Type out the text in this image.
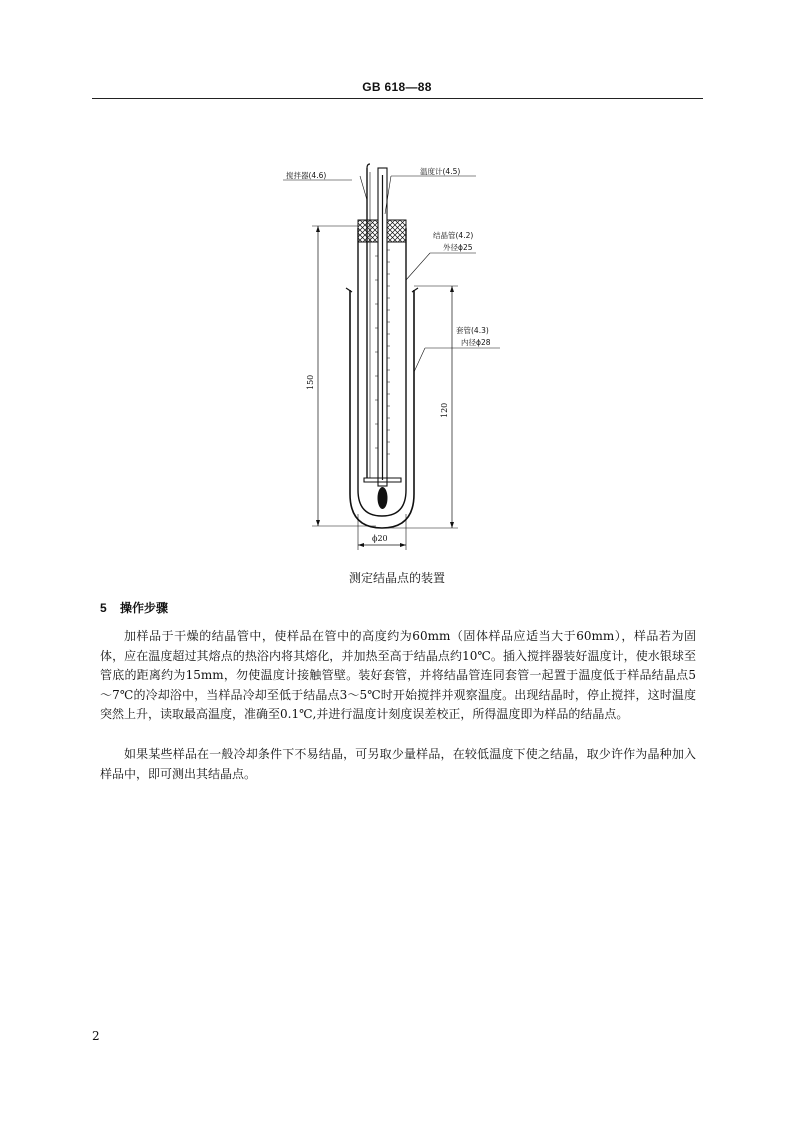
GB 618—88
搅拌器(4.6)	温度计(4.5)
结晶管(4.2)
外径ϕ25
套管(4.3)
内径ϕ28
150
120
ϕ20
测定结晶点的装置
5 操作步骤

加样品于干燥的结晶管中，使样品在管中的高度约为60mm（固体样品应适当大于60mm），样品若为固体，应在温度超过其熔点的热浴内将其熔化，并加热至高于结晶点约10℃。插入搅拌器装好温度计，使水银球至管底的距离约为15mm，勿使温度计接触管壁。装好套管，并将结晶管连同套管一起置于温度低于样品结晶点5～7℃的冷却浴中，当样品冷却至低于结晶点3～5℃时开始搅拌并观察温度。出现结晶时，停止搅拌，这时温度突然上升，读取最高温度，准确至0.1℃,并进行温度计刻度误差校正，所得温度即为样品的结晶点。

如果某些样品在一般冷却条件下不易结晶，可另取少量样品，在较低温度下使之结晶，取少许作为晶种加入样品中，即可测出其结晶点。

2
